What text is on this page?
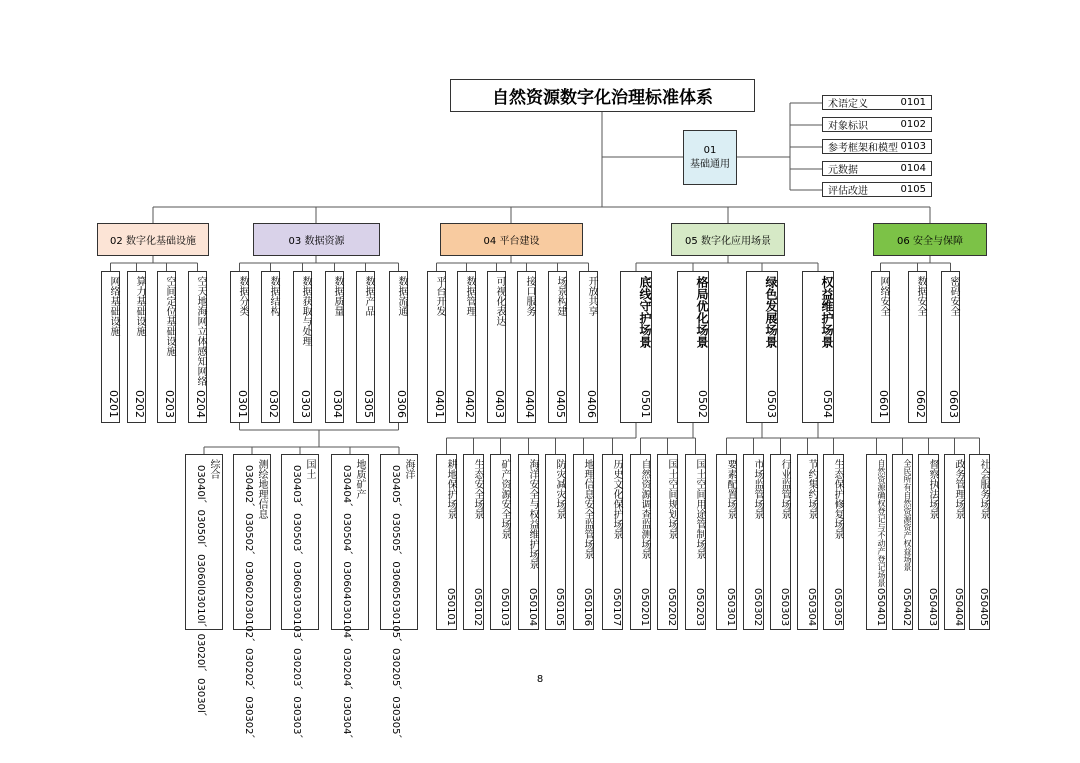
自然资源数字化治理标准体系
01
基础通用
术语定义	0101
对象标识	0102
参考框架和模型 0103
元数据	0104
评估改进	0105
02 数字化基础设施	03 数据资源	04 平台建设	05 数字化应用场景	06 安全与保障
网络基础设施
0201
算力基础设施
0202
空间定位基础设施
0203
空天地海网立体感知网络
0204
数据分类
0301
数据结构
0302
数据获取与处理
0303
数据质量
0304
数据产品
0305
数据流通
0306
平台开发
0401
数据管理
0402
可视化表达
0403
接口服务
0404
场景构建
0405
开放共享
0406
底线守护场景
0501
格局优化场景
0502
绿色发展场景
0503
权益维护场景
0504
网络安全
0601
数据安全
0602
密码安全
0603
综合
03010l、03020l、03030l、
03040l、03050l、03060l	测绘地理信息
030102、030202、030302、
030402、030502、030602	国土
030103、030203、030303、
030403、030503、030603	地质矿产
030104、030204、030304、
030404、030504、030604	海洋
030105、030205、030305、
030405、030505、030605	耕地保护场景
050101
生态安全场景
050102
矿产资源安全场景
050103
海洋安全与权益维护场景
050104
防灾减灾场景
050105
地理信息安全监管场景
050106
历史文化保护场景
050107
自然资源调查监测场景
050201
国土空间规划场景
050202
国土空间用途管制场景
050203
要素配置场景
050301
市场监管场景
050302
行业监管场景
050303
节约集约场景
050304
生态保护修复场景
050305
自然资源确权登记与不动产登记场景
050401
全民所有自然资源资产权益场景
050402
督察执法场景
050403
政务管理场景
050404
社会服务场景
050405
8
